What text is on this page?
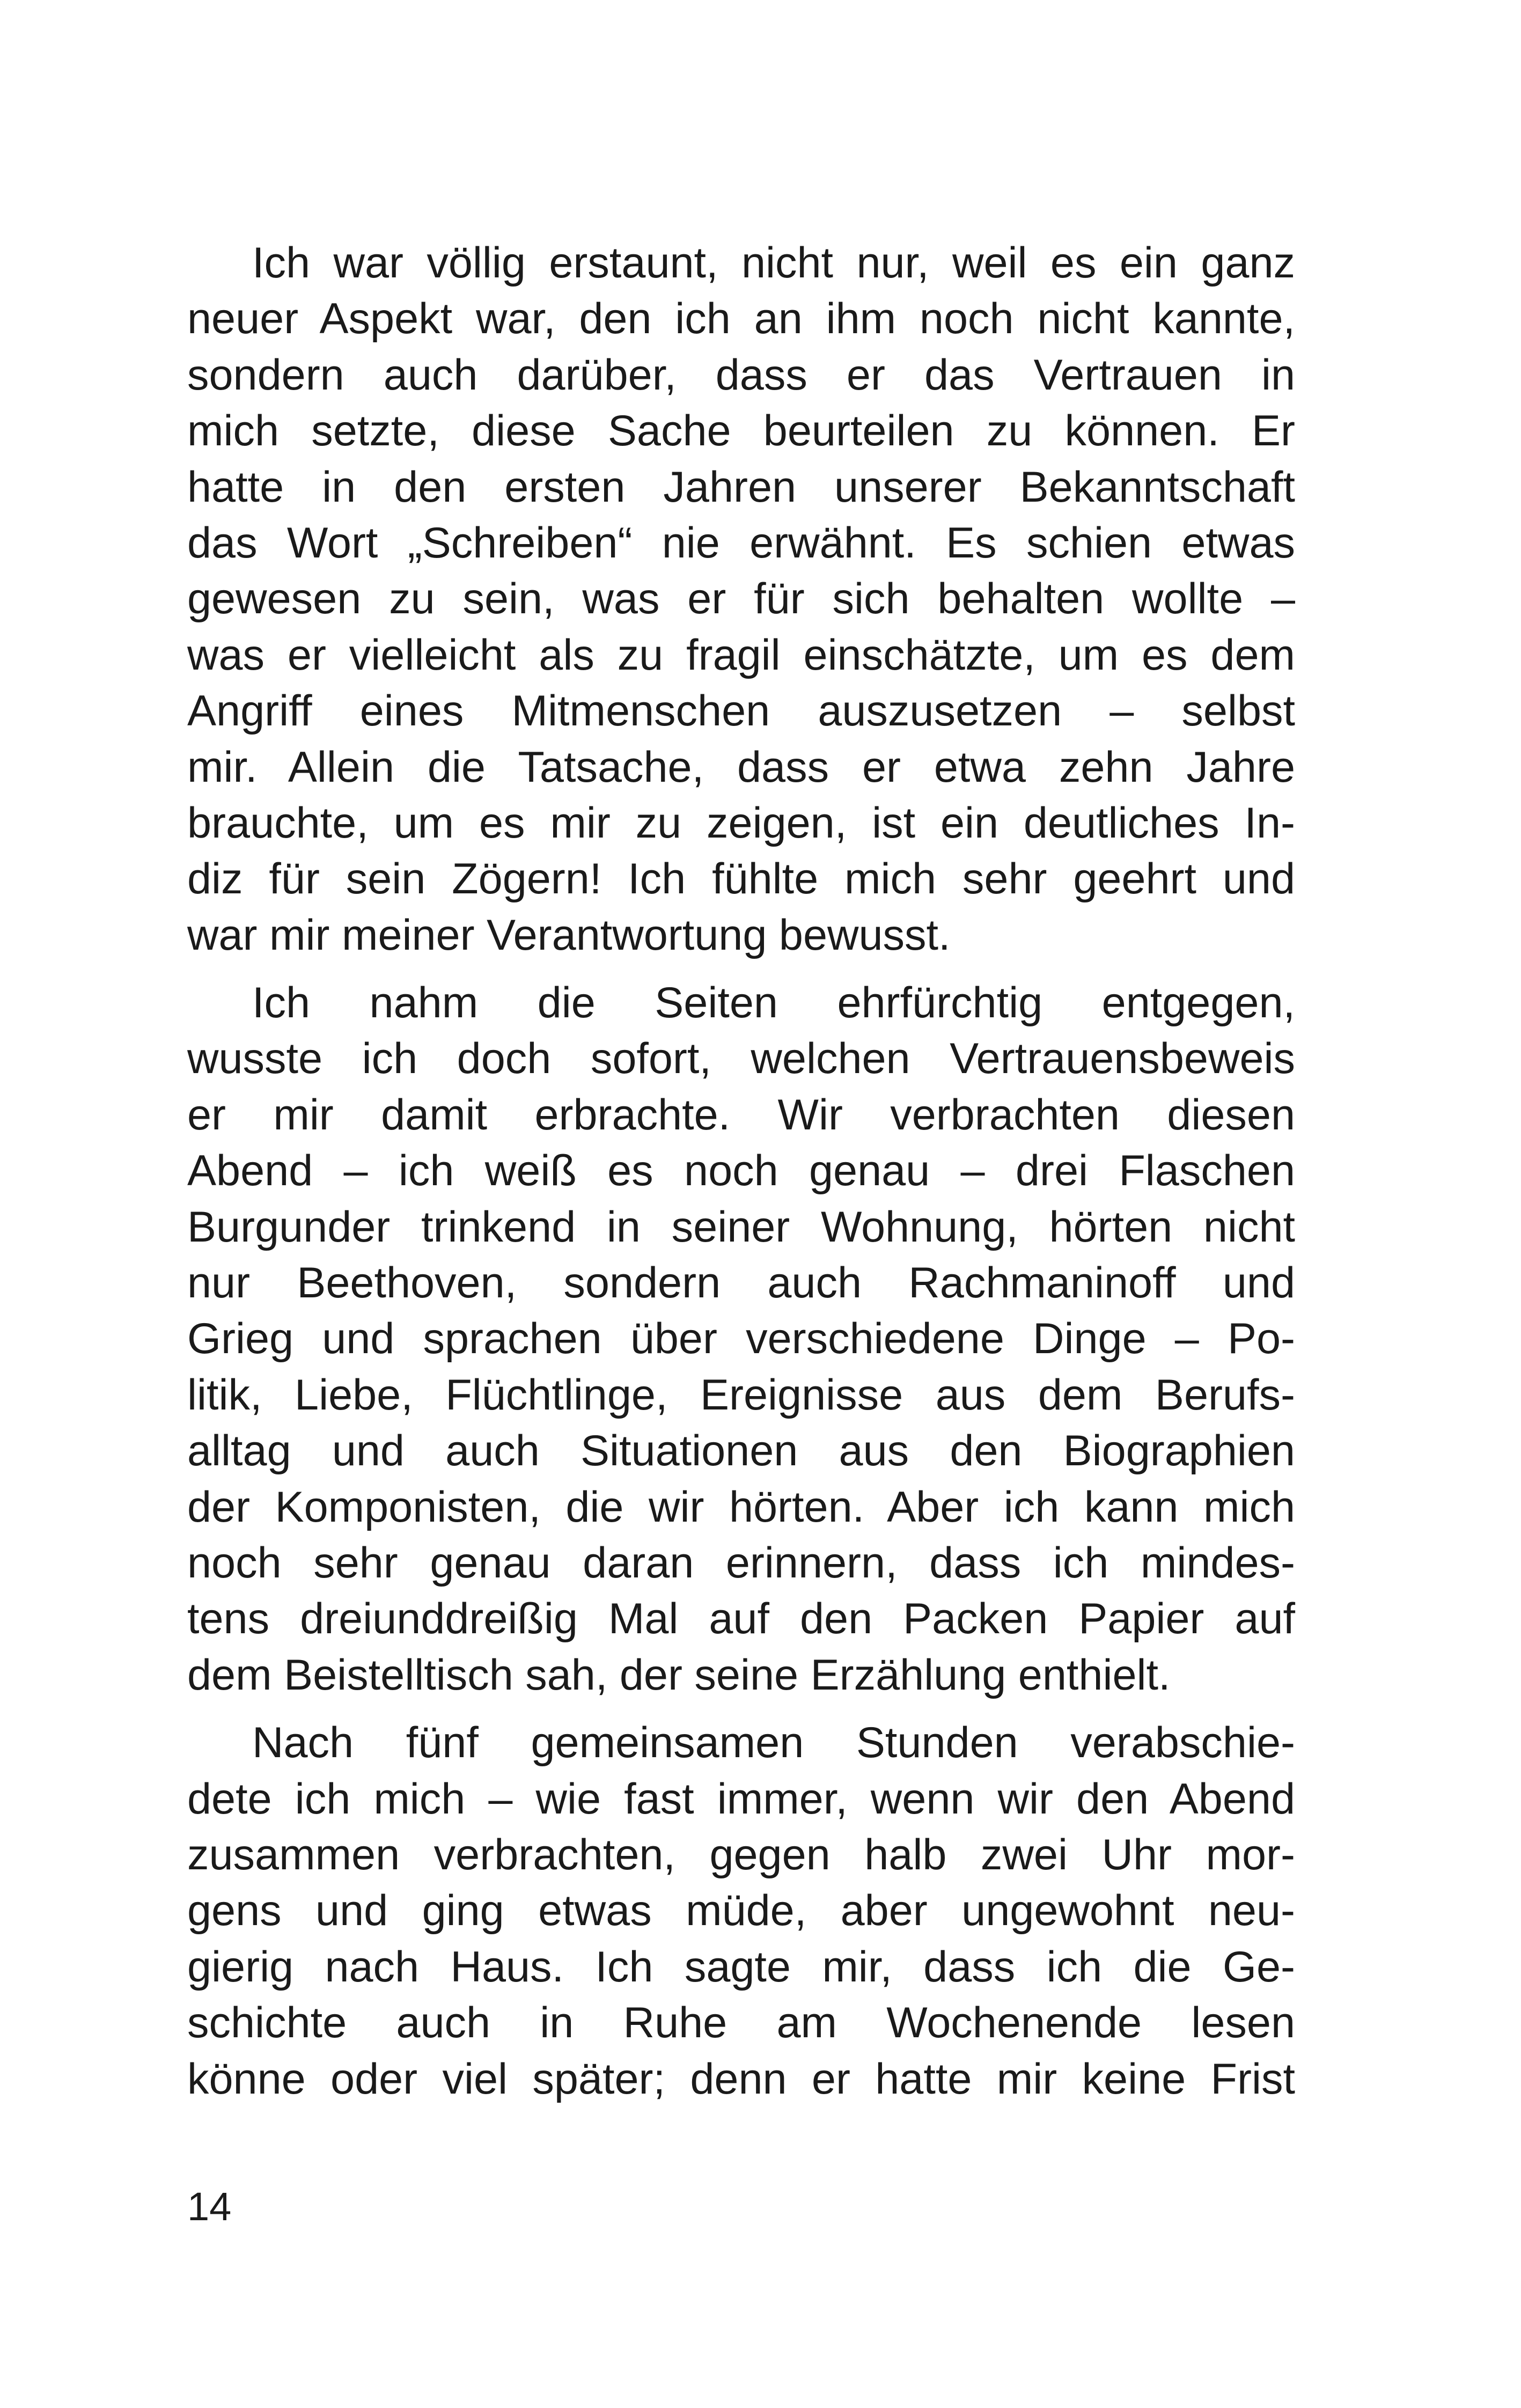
Ich war völlig erstaunt, nicht nur, weil es ein ganz
neuer Aspekt war, den ich an ihm noch nicht kannte,
sondern auch darüber, dass er das Vertrauen in
mich setzte, diese Sache beurteilen zu können. Er
hatte in den ersten Jahren unserer Bekanntschaft
das Wort „Schreiben“ nie erwähnt. Es schien etwas
gewesen zu sein, was er für sich behalten wollte –
was er vielleicht als zu fragil einschätzte, um es dem
Angriff eines Mitmenschen auszusetzen – selbst
mir. Allein die Tatsache, dass er etwa zehn Jahre
brauchte, um es mir zu zeigen, ist ein deutliches In-
diz für sein Zögern! Ich fühlte mich sehr geehrt und
war mir meiner Verantwortung bewusst.
Ich nahm die Seiten ehrfürchtig entgegen,
wusste ich doch sofort, welchen Vertrauensbeweis
er mir damit erbrachte. Wir verbrachten diesen
Abend – ich weiß es noch genau – drei Flaschen
Burgunder trinkend in seiner Wohnung, hörten nicht
nur Beethoven, sondern auch Rachmaninoff und
Grieg und sprachen über verschiedene Dinge – Po-
litik, Liebe, Flüchtlinge, Ereignisse aus dem Berufs-
alltag und auch Situationen aus den Biographien
der Komponisten, die wir hörten. Aber ich kann mich
noch sehr genau daran erinnern, dass ich mindes-
tens dreiunddreißig Mal auf den Packen Papier auf
dem Beistelltisch sah, der seine Erzählung enthielt.
Nach fünf gemeinsamen Stunden verabschie-
dete ich mich – wie fast immer, wenn wir den Abend
zusammen verbrachten, gegen halb zwei Uhr mor-
gens und ging etwas müde, aber ungewohnt neu-
gierig nach Haus. Ich sagte mir, dass ich die Ge-
schichte auch in Ruhe am Wochenende lesen
könne oder viel später; denn er hatte mir keine Frist
14
